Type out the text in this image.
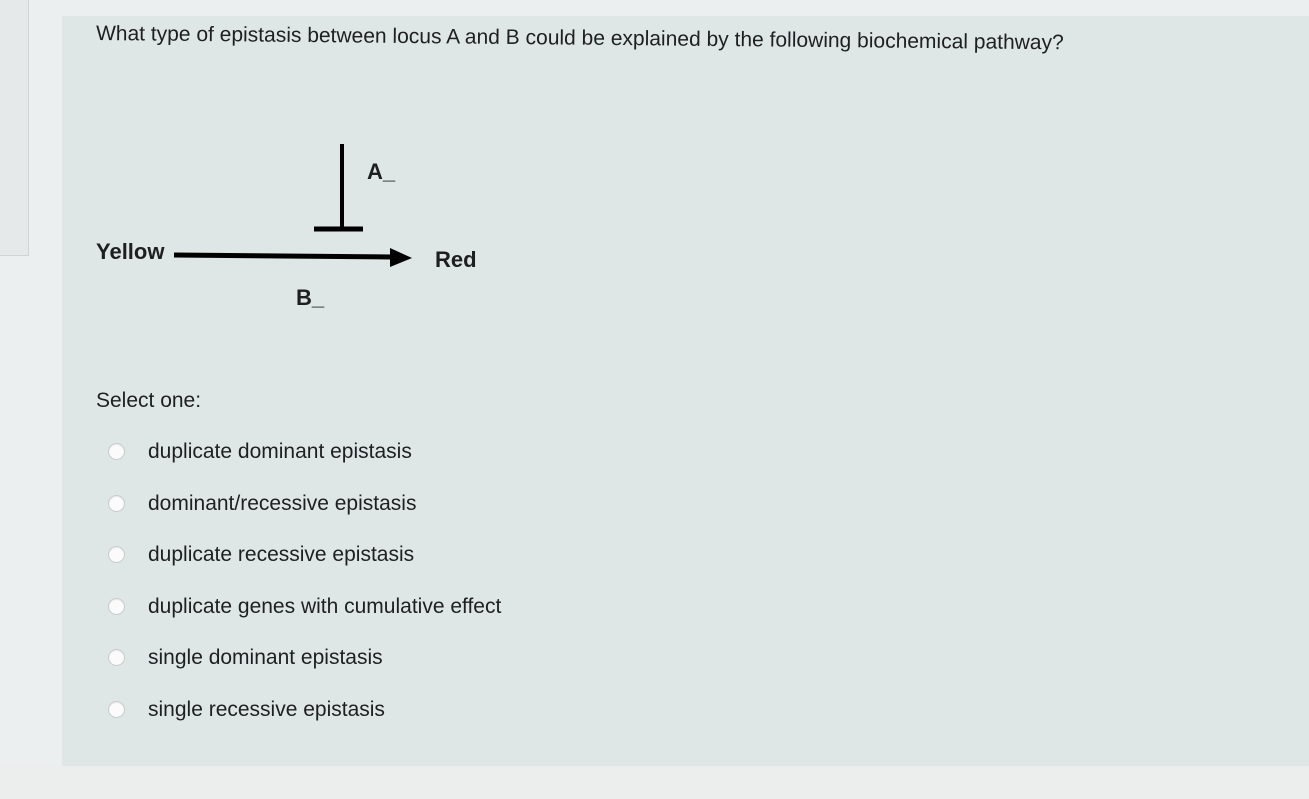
What type of epistasis between locus A and B could be explained by the following biochemical pathway?
Yellow	Red
A_
B_
Select one:
duplicate dominant epistasis
dominant/recessive epistasis
duplicate recessive epistasis
duplicate genes with cumulative effect
single dominant epistasis
single recessive epistasis
